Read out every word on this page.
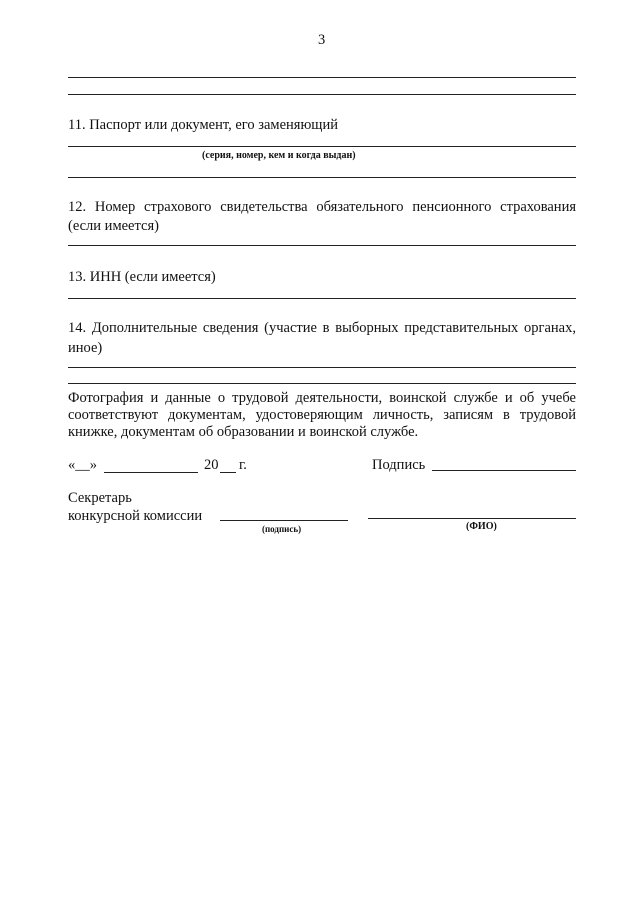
3
11. Паспорт или документ, его заменяющий
(серия, номер, кем и когда выдан)
12. Номер страхового свидетельства обязательного пенсионного страхования
(если имеется)
13. ИНН (если имеется)
14. Дополнительные сведения (участие в выборных представительных органах,
иное)
Фотография и данные о трудовой деятельности, воинской службе и об учебе
соответствуют документам, удостоверяющим личность, записям в трудовой
книжке, документам об образовании и воинской службе.
«__»	20 г.	Подпись
Секретарь
конкурсной комиссии
(подпись)	(ФИО)
